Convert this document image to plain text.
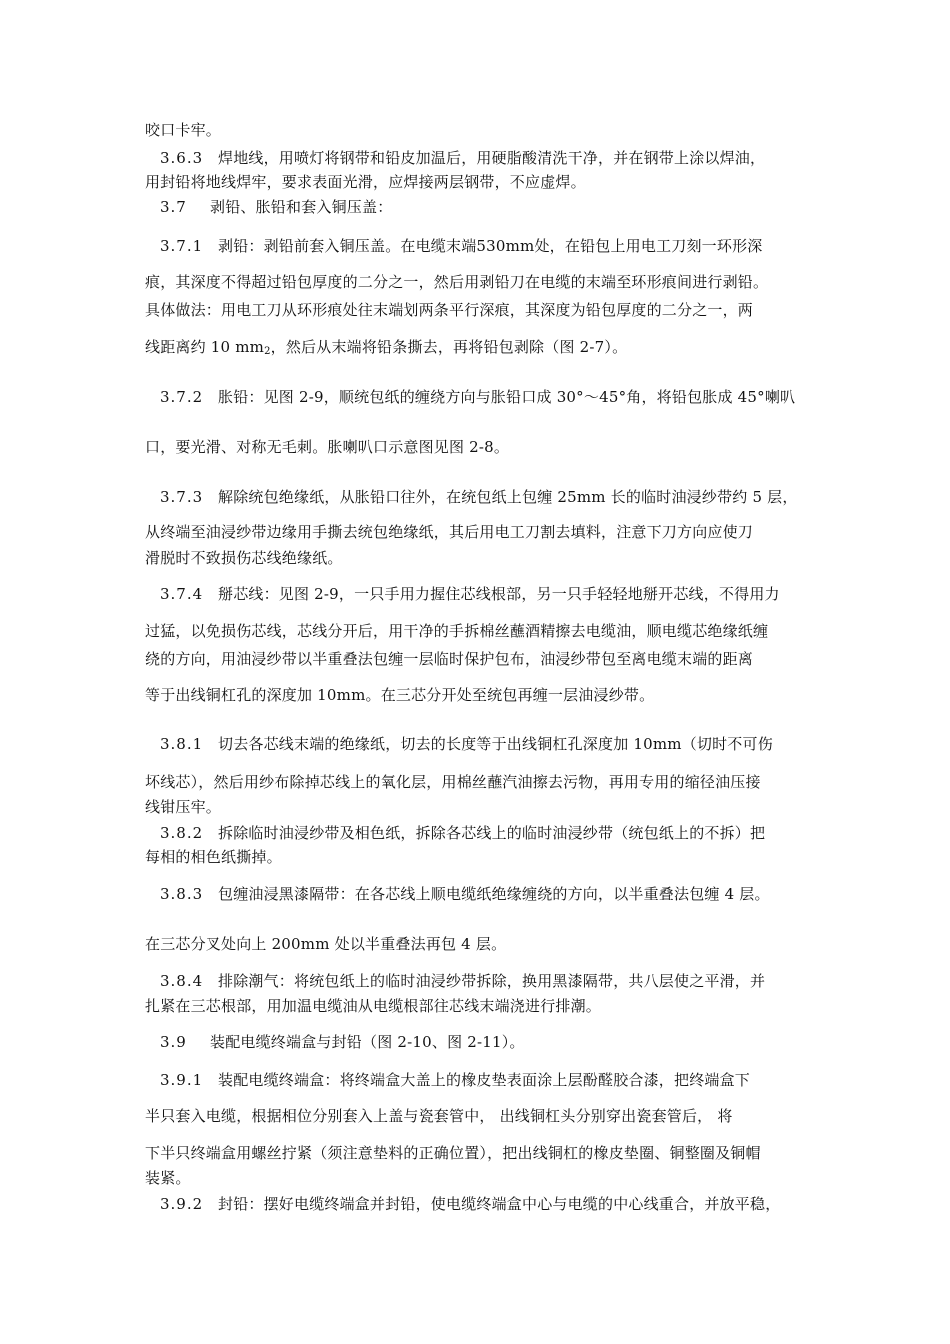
咬口卡牢。
3.6.3 焊地线，用喷灯将钢带和铅皮加温后，用硬脂酸清洗干净，并在钢带上涂以焊油，
用封铅将地线焊牢，要求表面光滑，应焊接两层钢带，不应虚焊。
3.7 剥铅、胀铅和套入铜压盖：
3.7.1 剥铅：剥铅前套入铜压盖。在电缆末端530mm处，在铅包上用电工刀刻一环形深
痕，其深度不得超过铅包厚度的二分之一，然后用剥铅刀在电缆的末端至环形痕间进行剥铅。
具体做法：用电工刀从环形痕处往末端划两条平行深痕，其深度为铅包厚度的二分之一，两
线距离约 10 $mm_2$，然后从末端将铅条撕去，再将铅包剥除（图 2-7）。
3.7.2 胀铅：见图 2-9，顺统包纸的缠绕方向与胀铅口成 30°～45°角，将铅包胀成 45°喇叭
口，要光滑、对称无毛刺。胀喇叭口示意图见图 2-8。
3.7.3 解除统包绝缘纸，从胀铅口往外，在统包纸上包缠 25mm 长的临时油浸纱带约 5 层，
从终端至油浸纱带边缘用手撕去统包绝缘纸，其后用电工刀割去填料，注意下刀方向应使刀
滑脱时不致损伤芯线绝缘纸。
3.7.4 掰芯线：见图 2-9，一只手用力握住芯线根部，另一只手轻轻地掰开芯线，不得用力
过猛，以免损伤芯线，芯线分开后，用干净的手拆棉丝蘸酒精擦去电缆油，顺电缆芯绝缘纸缠
绕的方向，用油浸纱带以半重叠法包缠一层临时保护包布，油浸纱带包至离电缆末端的距离
等于出线铜杠孔的深度加 10mm。在三芯分开处至统包再缠一层油浸纱带。
3.8.1 切去各芯线末端的绝缘纸，切去的长度等于出线铜杠孔深度加 10mm（切时不可伤
坏线芯），然后用纱布除掉芯线上的氧化层，用棉丝蘸汽油擦去污物，再用专用的缩径油压接
线钳压牢。
3.8.2 拆除临时油浸纱带及相色纸，拆除各芯线上的临时油浸纱带（统包纸上的不拆）把
每相的相色纸撕掉。
3.8.3 包缠油浸黑漆隔带：在各芯线上顺电缆纸绝缘缠绕的方向，以半重叠法包缠 4 层。
在三芯分叉处向上 200mm 处以半重叠法再包 4 层。
3.8.4 排除潮气：将统包纸上的临时油浸纱带拆除，换用黑漆隔带，共八层使之平滑，并
扎紧在三芯根部，用加温电缆油从电缆根部往芯线末端浇进行排潮。
3.9 装配电缆终端盒与封铅（图 2-10、图 2-11）。
3.9.1 装配电缆终端盒：将终端盒大盖上的橡皮垫表面涂上层酚醛胶合漆，把终端盒下
半只套入电缆，根据相位分别套入上盖与瓷套管中， 出线铜杠头分别穿出瓷套管后， 将
下半只终端盒用螺丝拧紧（须注意垫料的正确位置），把出线铜杠的橡皮垫圈、铜整圈及铜帽
装紧。
3.9.2 封铅：摆好电缆终端盒并封铅，使电缆终端盒中心与电缆的中心线重合，并放平稳，
